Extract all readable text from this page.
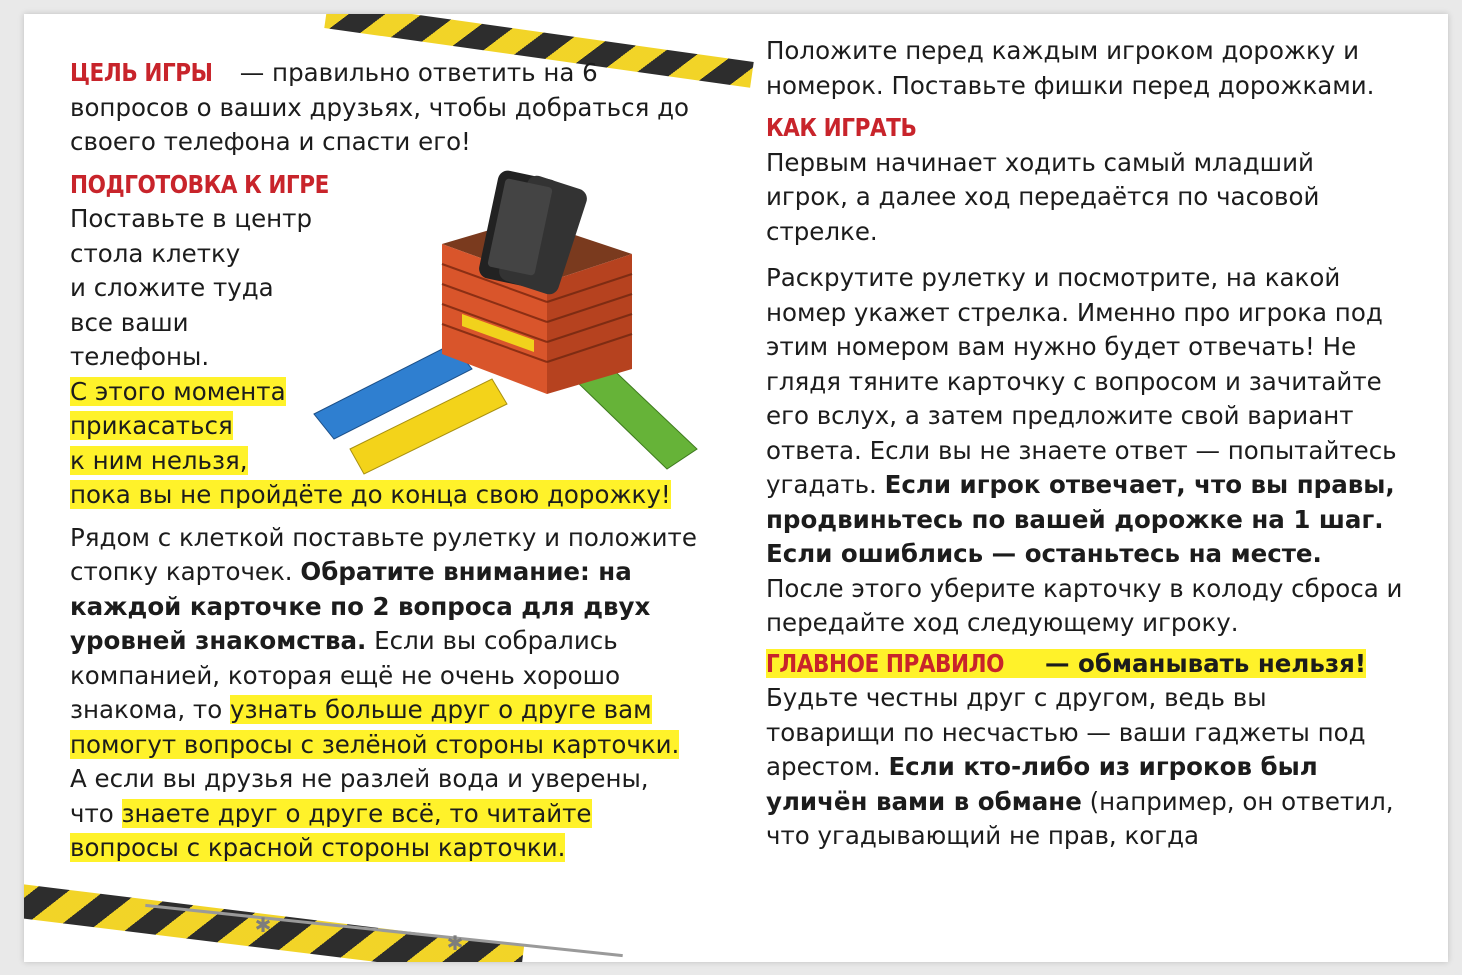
✱
✱

ЦЕЛЬ ИГРЫ — правильно ответить на 6 вопросов о ваших друзьях, чтобы добраться до своего телефона и спасти его!

ПОДГОТОВКА К ИГРЕ
Поставьте в центр
стола клетку
и сложите туда
все ваши
телефоны.
С этого момента
прикасаться
к ним нельзя,
пока вы не пройдёте до конца свою дорожку!

Рядом с клеткой поставьте рулетку и положите стопку карточек. Обратите внимание: на каждой карточке по 2 вопроса для двух уровней знакомства. Если вы собрались компанией, которая ещё не очень хорошо знакома, то узнать больше друг о друге вам помогут вопросы с зелёной стороны карточки. А если вы друзья не разлей вода и уверены, что знаете друг о друге всё, то читайте вопросы с красной стороны карточки.

Положите перед каждым игроком дорожку и номерок. Поставьте фишки перед дорожками.

КАК ИГРАТЬ

Первым начинает ходить самый младший игрок, а далее ход передаётся по часовой стрелке.

Раскрутите рулетку и посмотрите, на какой номер укажет стрелка. Именно про игрока под этим номером вам нужно будет отвечать! Не глядя тяните карточку с вопросом и зачитайте его вслух, а затем предложите свой вариант ответа. Если вы не знаете ответ — попытайтесь угадать. Если игрок отвечает, что вы правы, продвиньтесь по вашей дорожке на 1 шаг. Если ошиблись — останьтесь на месте. После этого уберите карточку в колоду сброса и передайте ход следующему игроку.

ГЛАВНОЕ ПРАВИЛО — обманывать нельзя!

Будьте честны друг с другом, ведь вы товарищи по несчастью — ваши гаджеты под арестом. Если кто-либо из игроков был уличён вами в обмане (например, он ответил, что угадывающий не прав, когда
